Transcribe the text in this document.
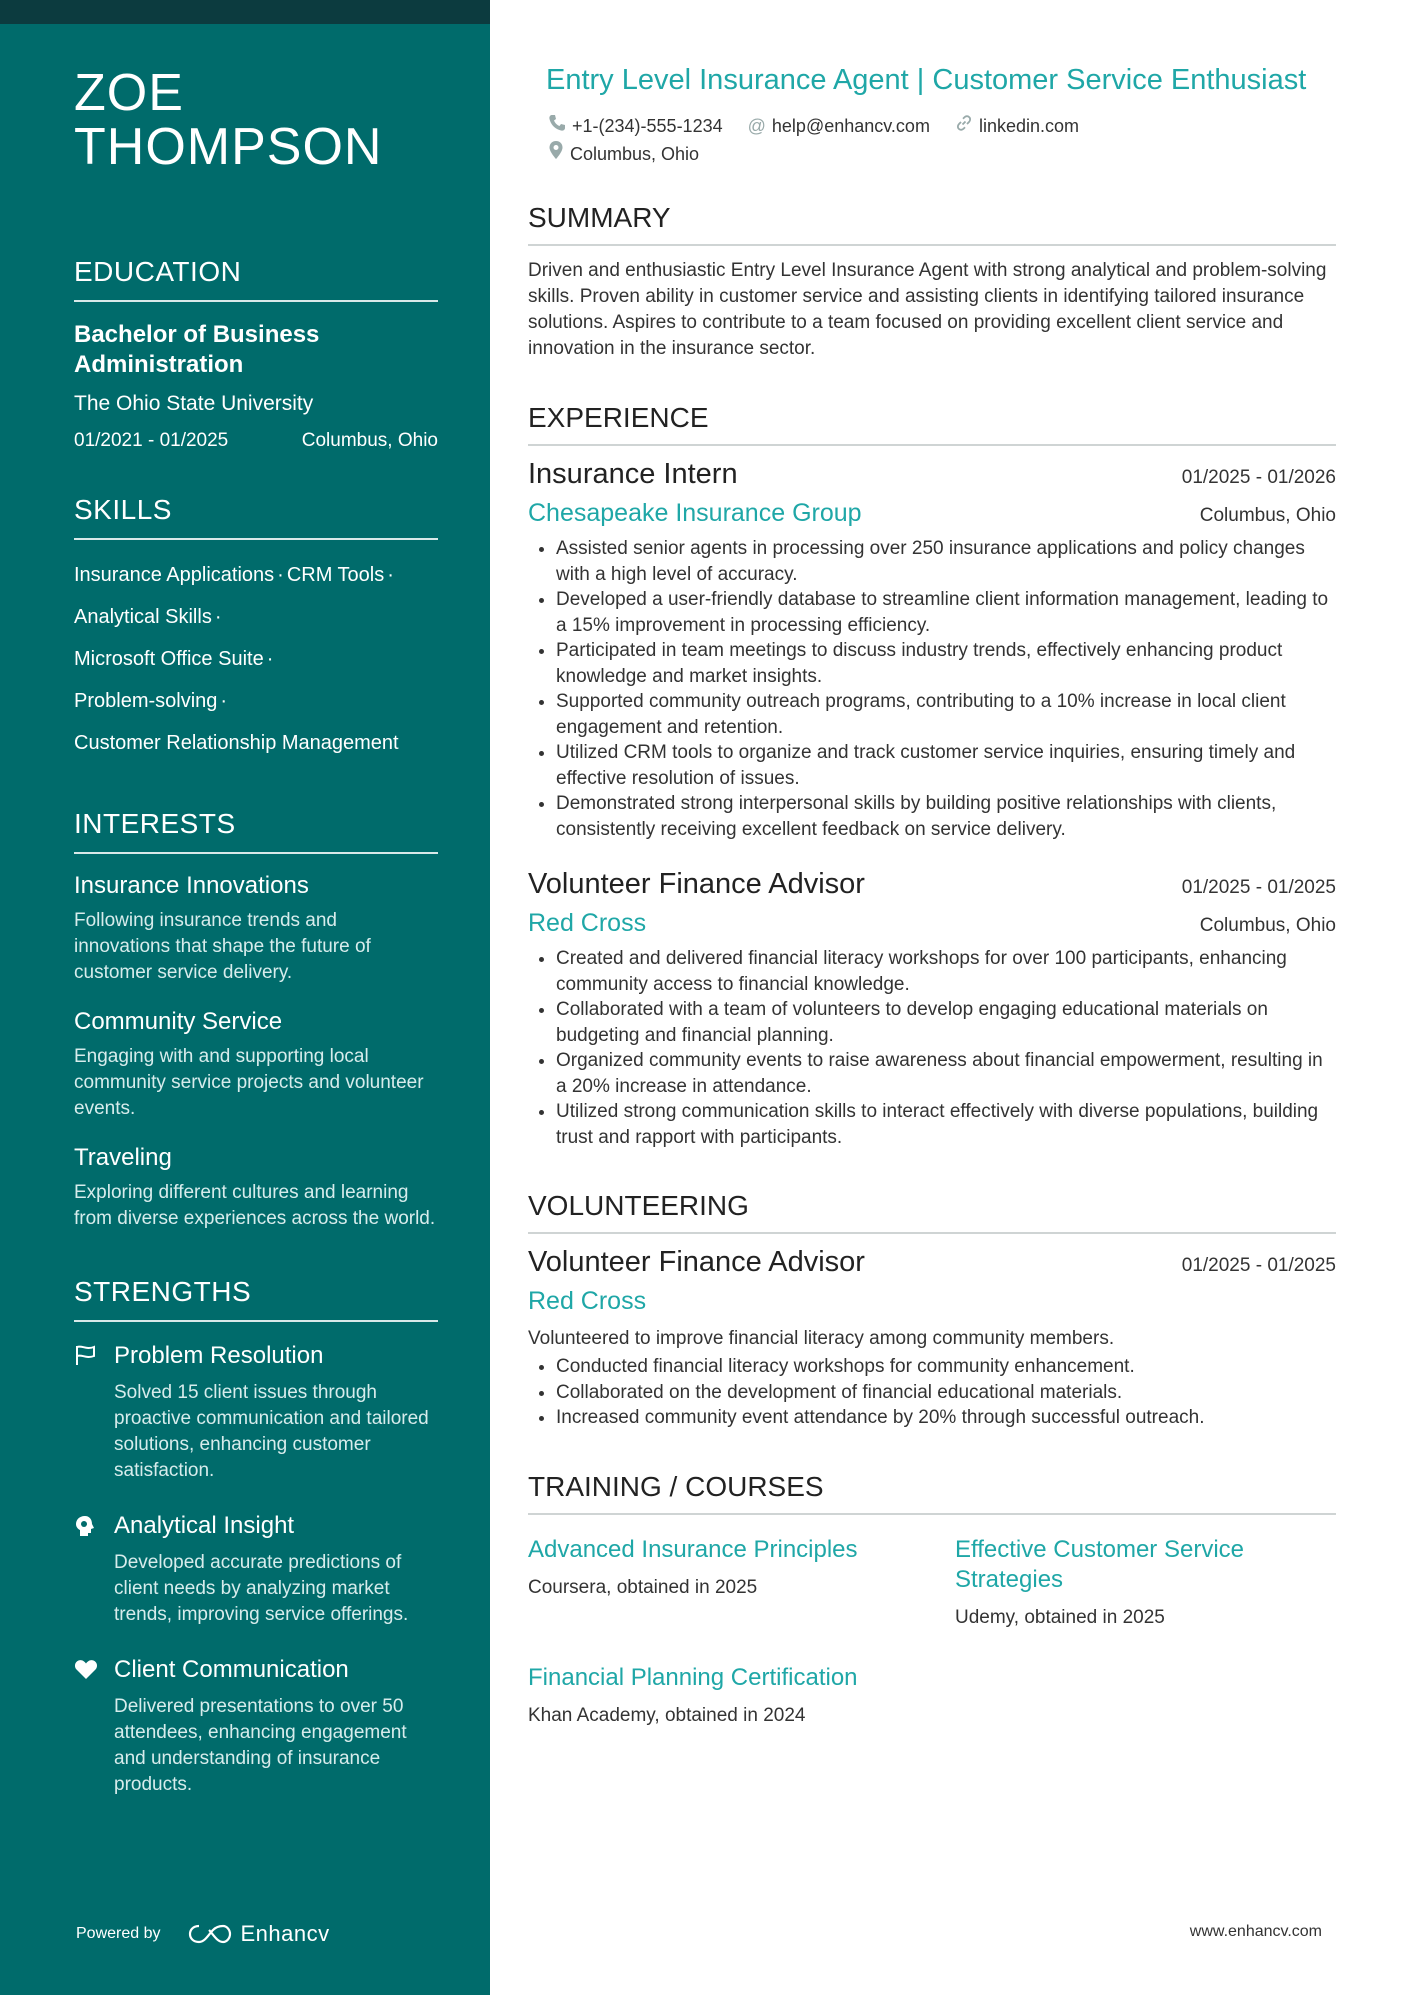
ZOE
THOMPSON
EDUCATION
Bachelor of Business Administration
The Ohio State University
01/2021 - 01/2025	Columbus, Ohio
SKILLS
Insurance Applications · CRM Tools ·
Analytical Skills ·
Microsoft Office Suite ·
Problem-solving ·
Customer Relationship Management
INTERESTS
Insurance Innovations
Following insurance trends and innovations that shape the future of customer service delivery.
Community Service
Engaging with and supporting local community service projects and volunteer events.
Traveling
Exploring different cultures and learning from diverse experiences across the world.
STRENGTHS
Problem Resolution
Solved 15 client issues through proactive communication and tailored solutions, enhancing customer satisfaction.
Analytical Insight
Developed accurate predictions of client needs by analyzing market trends, improving service offerings.
Client Communication
Delivered presentations to over 50 attendees, enhancing engagement and understanding of insurance products.
Powered by	Enhancv
Entry Level Insurance Agent | Customer Service Enthusiast
+1-(234)-555-1234
@ help@enhancv.com
	linkedin.com

Columbus, Ohio
SUMMARY
Driven and enthusiastic Entry Level Insurance Agent with strong analytical and problem-solving skills. Proven ability in customer service and assisting clients in identifying tailored insurance solutions. Aspires to contribute to a team focused on providing excellent client service and innovation in the insurance sector.
EXPERIENCE
Insurance Intern	01/2025 - 01/2026
Chesapeake Insurance Group	Columbus, Ohio
• Assisted senior agents in processing over 250 insurance applications and policy changes with a high level of accuracy.
• Developed a user-friendly database to streamline client information management, leading to a 15% improvement in processing efficiency.
• Participated in team meetings to discuss industry trends, effectively enhancing product knowledge and market insights.
• Supported community outreach programs, contributing to a 10% increase in local client engagement and retention.
• Utilized CRM tools to organize and track customer service inquiries, ensuring timely and effective resolution of issues.
• Demonstrated strong interpersonal skills by building positive relationships with clients, consistently receiving excellent feedback on service delivery.
Volunteer Finance Advisor	01/2025 - 01/2025
Red Cross	Columbus, Ohio
• Created and delivered financial literacy workshops for over 100 participants, enhancing community access to financial knowledge.
• Collaborated with a team of volunteers to develop engaging educational materials on budgeting and financial planning.
• Organized community events to raise awareness about financial empowerment, resulting in a 20% increase in attendance.
• Utilized strong communication skills to interact effectively with diverse populations, building trust and rapport with participants.
VOLUNTEERING
Volunteer Finance Advisor	01/2025 - 01/2025
Red Cross
Volunteered to improve financial literacy among community members.
• Conducted financial literacy workshops for community enhancement.
• Collaborated on the development of financial educational materials.
• Increased community event attendance by 20% through successful outreach.
TRAINING / COURSES
Advanced Insurance Principles
Coursera, obtained in 2025
Effective Customer Service Strategies
Udemy, obtained in 2025
Financial Planning Certification
Khan Academy, obtained in 2024
www.enhancv.com
